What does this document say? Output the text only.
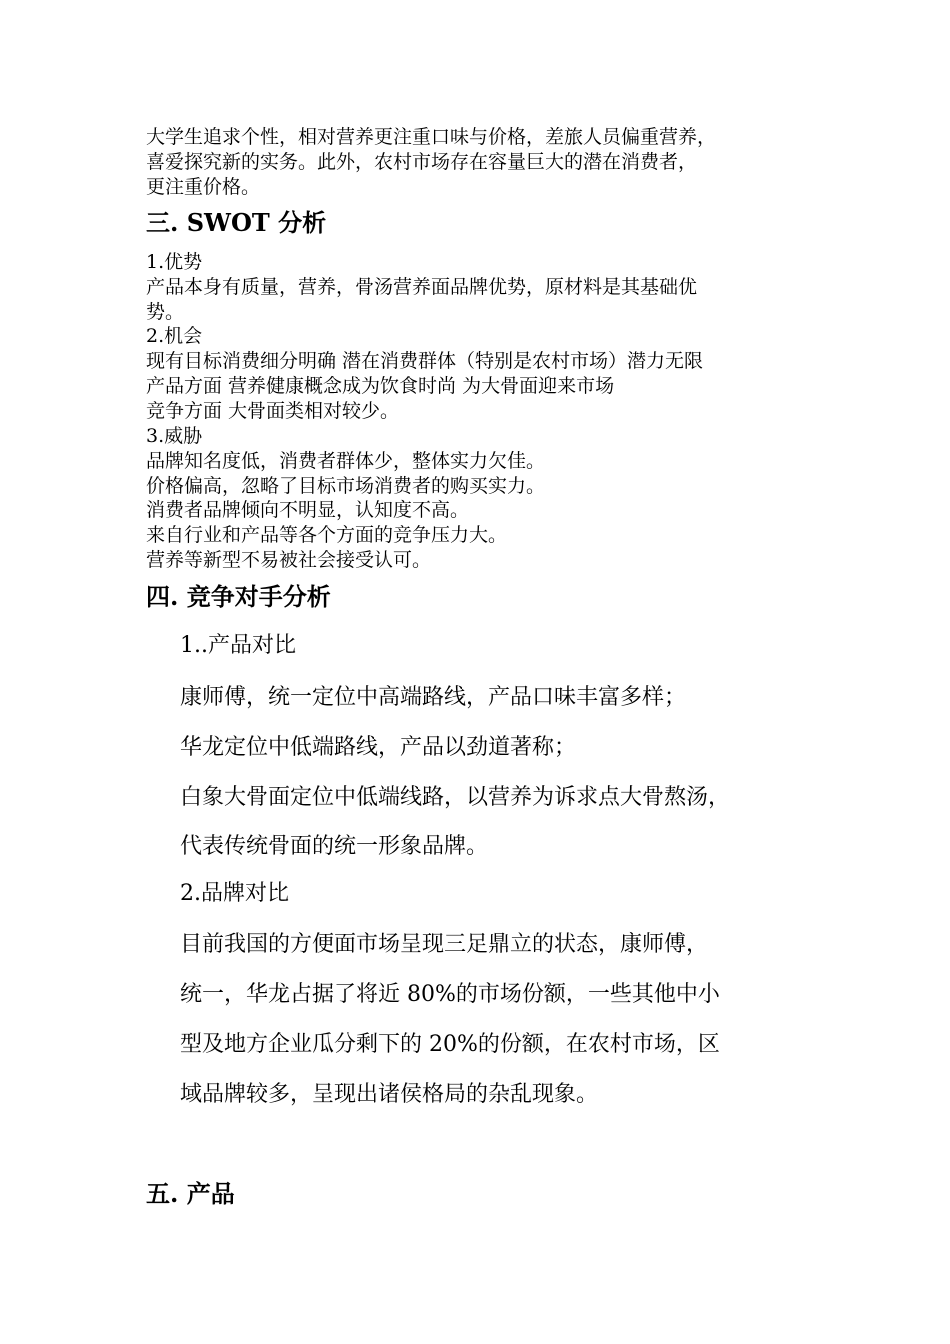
大学生追求个性，相对营养更注重口味与价格，差旅人员偏重营养，
喜爱探究新的实务。此外，农村市场存在容量巨大的潜在消费者，
更注重价格。
三. SWOT 分析
1.优势
产品本身有质量，营养，骨汤营养面品牌优势，原材料是其基础优
势。
2.机会
现有目标消费细分明确 潜在消费群体（特别是农村市场）潜力无限
产品方面 营养健康概念成为饮食时尚 为大骨面迎来市场
竞争方面 大骨面类相对较少。
3.威胁
品牌知名度低，消费者群体少，整体实力欠佳。
价格偏高，忽略了目标市场消费者的购买实力。
消费者品牌倾向不明显，认知度不高。
来自行业和产品等各个方面的竞争压力大。
营养等新型不易被社会接受认可。
四. 竞争对手分析
1..产品对比
康师傅，统一定位中高端路线，产品口味丰富多样；
华龙定位中低端路线，产品以劲道著称；
白象大骨面定位中低端线路，以营养为诉求点大骨熬汤，
代表传统骨面的统一形象品牌。
2.品牌对比
目前我国的方便面市场呈现三足鼎立的状态，康师傅，
统一，华龙占据了将近 80%的市场份额，一些其他中小
型及地方企业瓜分剩下的 20%的份额，在农村市场，区
域品牌较多，呈现出诸侯格局的杂乱现象。
五. 产品
